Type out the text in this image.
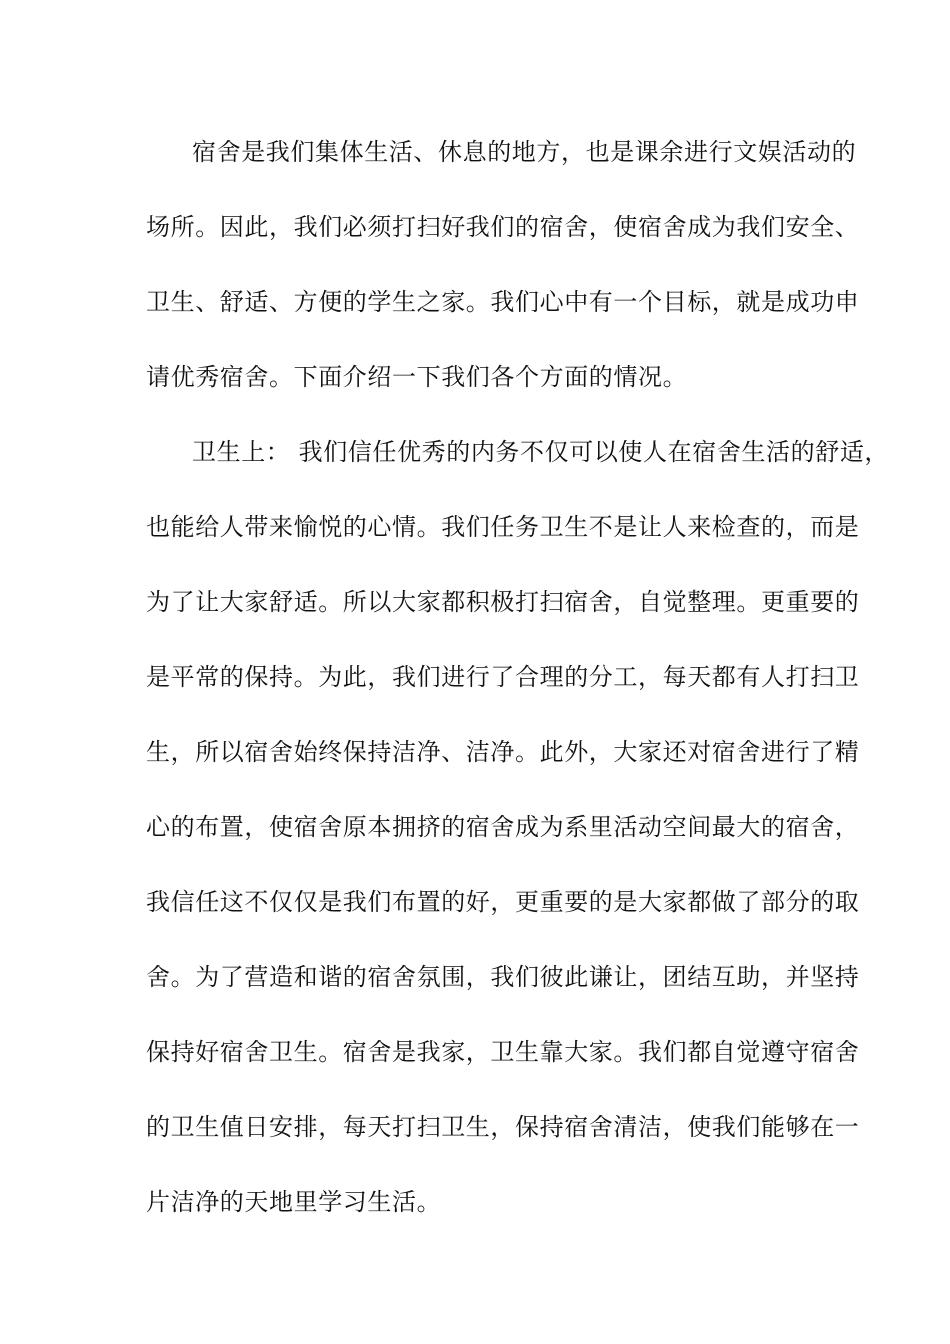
宿舍是我们集体生活、休息的地方，也是课余进行文娱活动的
场所。因此，我们必须打扫好我们的宿舍，使宿舍成为我们安全、
卫生、舒适、方便的学生之家。我们心中有一个目标，就是成功申
请优秀宿舍。下面介绍一下我们各个方面的情况。
卫生上： 我们信任优秀的内务不仅可以使人在宿舍生活的舒适，
也能给人带来愉悦的心情。我们任务卫生不是让人来检查的，而是
为了让大家舒适。所以大家都积极打扫宿舍，自觉整理。更重要的
是平常的保持。为此，我们进行了合理的分工，每天都有人打扫卫
生，所以宿舍始终保持洁净、洁净。此外，大家还对宿舍进行了精
心的布置，使宿舍原本拥挤的宿舍成为系里活动空间最大的宿舍，
我信任这不仅仅是我们布置的好，更重要的是大家都做了部分的取
舍。为了营造和谐的宿舍氛围，我们彼此谦让，团结互助，并坚持
保持好宿舍卫生。宿舍是我家，卫生靠大家。我们都自觉遵守宿舍
的卫生值日安排，每天打扫卫生，保持宿舍清洁，使我们能够在一
片洁净的天地里学习生活。
